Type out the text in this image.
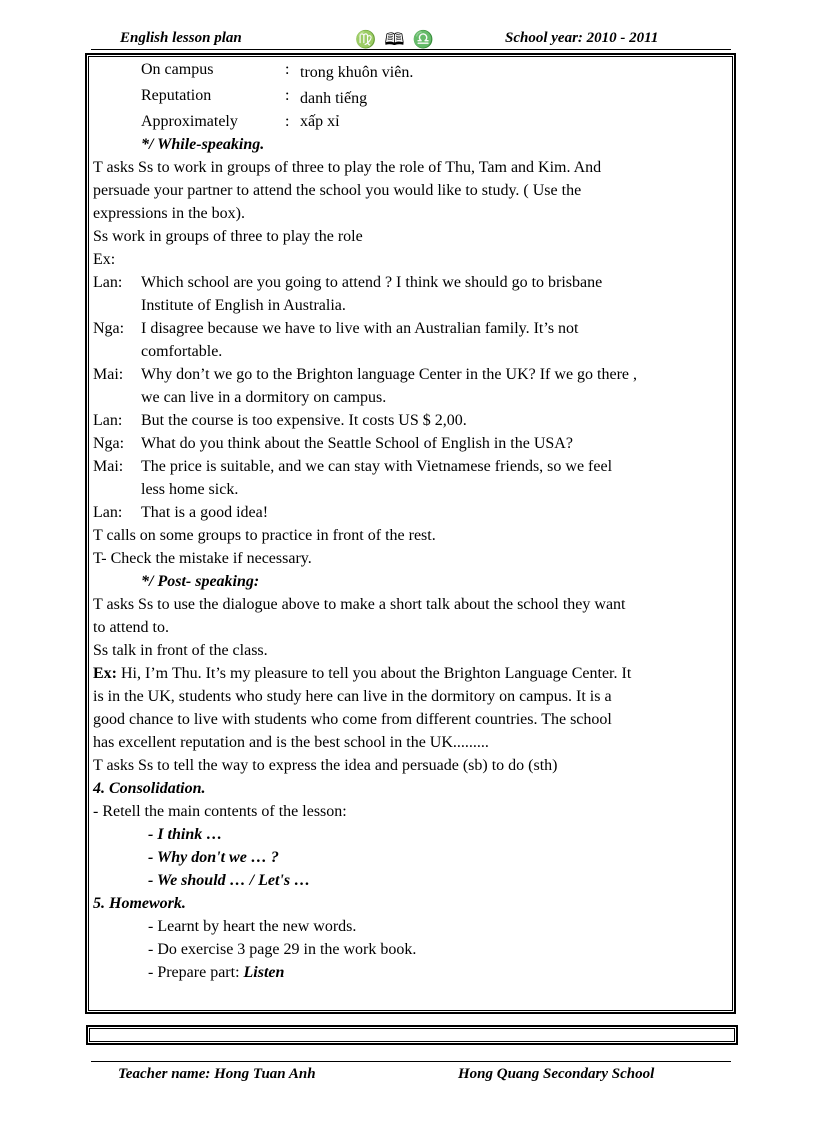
English lesson plan	♍ 🕮 ♎	School year: 2010 - 2011
On campus	: trong khuôn viên.
Reputation	: danh tiếng
Approximately	: xấp xỉ
*/ While-speaking.
T asks Ss to work in groups of three to play the role of Thu, Tam and Kim. And
persuade your partner to attend the school you would like to study. ( Use the
expressions in the box).
Ss work in groups of three to play the role
Ex:
Lan:	Which school are you going to attend ? I think we should go to brisbane
Institute of English in Australia.
Nga:	I disagree because we have to live with an Australian family. It’s not
comfortable.
Mai:	Why don’t we go to the Brighton language Center in the UK? If we go there ,
we can live in a dormitory on campus.
Lan:	But the course is too expensive. It costs US $ 2,00.
Nga:	What do you think about the Seattle School of English in the USA?
Mai:	The price is suitable, and we can stay with Vietnamese friends, so we feel
less home sick.
Lan:	That is a good idea!
T calls on some groups to practice in front of the rest.
T- Check the mistake if necessary.
*/ Post- speaking:
T asks Ss to use the dialogue above to make a short talk about the school they want
to attend to.
Ss talk in front of the class.
Ex: Hi, I’m Thu. It’s my pleasure to tell you about the Brighton Language Center. It
is in the UK, students who study here can live in the dormitory on campus. It is a
good chance to live with students who come from different countries. The school
has excellent reputation and is the best school in the UK.........
T asks Ss to tell the way to express the idea and persuade (sb) to do (sth)
4. Consolidation.
- Retell the main contents of the lesson:
- I think …
- Why don't we … ?
- We should … / Let's …
5. Homework.
- Learnt by heart the new words.
- Do exercise 3 page 29 in the work book.
- Prepare part: Listen
Teacher name: Hong Tuan Anh	Hong Quang Secondary School
